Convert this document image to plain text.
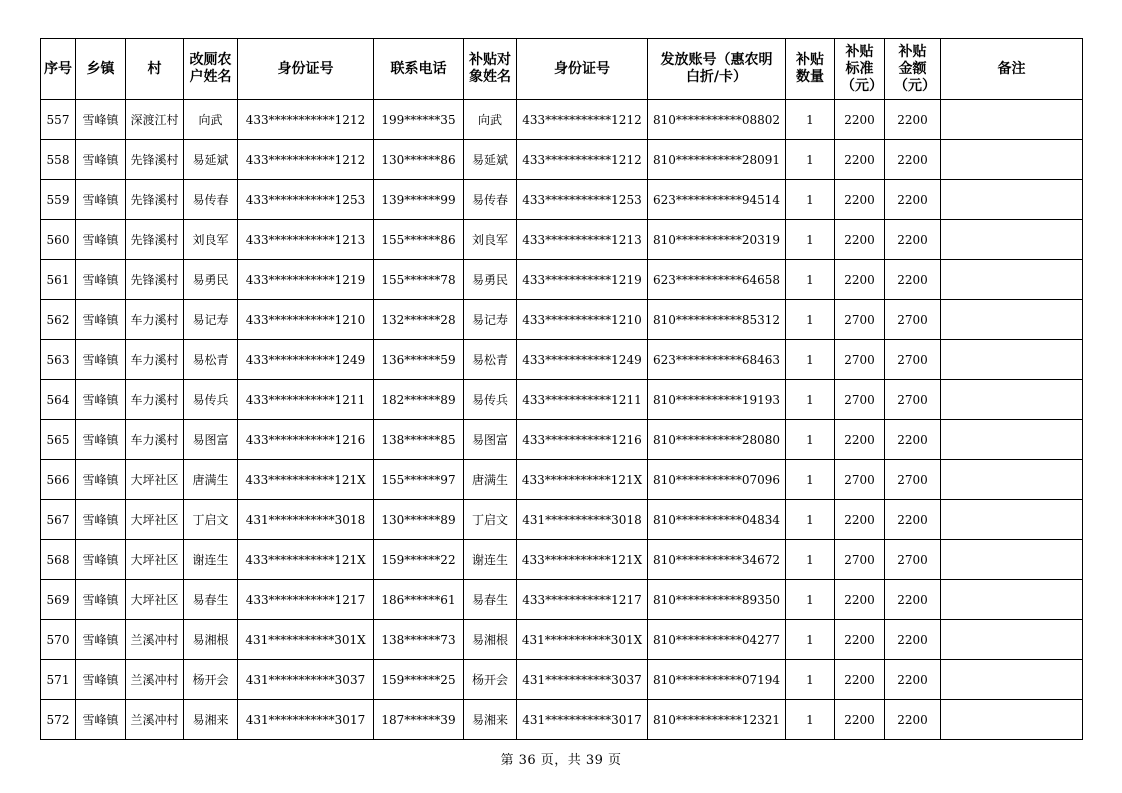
序号	乡镇	村	改厕农户姓名	身份证号	联系电话	补贴对象姓名	身份证号	发放账号（惠农明白折/卡）	补贴数量	补贴标准（元）	补贴金额（元）	备注
557	雪峰镇	深渡江村	向武	433***********1212	199******35	向武	433***********1212	810***********08802	1	2200	2200	
558	雪峰镇	先锋溪村	易延斌	433***********1212	130******86	易延斌	433***********1212	810***********28091	1	2200	2200	
559	雪峰镇	先锋溪村	易传春	433***********1253	139******99	易传春	433***********1253	623***********94514	1	2200	2200	
560	雪峰镇	先锋溪村	刘良军	433***********1213	155******86	刘良军	433***********1213	810***********20319	1	2200	2200	
561	雪峰镇	先锋溪村	易勇民	433***********1219	155******78	易勇民	433***********1219	623***********64658	1	2200	2200	
562	雪峰镇	车力溪村	易记寿	433***********1210	132******28	易记寿	433***********1210	810***********85312	1	2700	2700	
563	雪峰镇	车力溪村	易松青	433***********1249	136******59	易松青	433***********1249	623***********68463	1	2700	2700	
564	雪峰镇	车力溪村	易传兵	433***********1211	182******89	易传兵	433***********1211	810***********19193	1	2700	2700	
565	雪峰镇	车力溪村	易图富	433***********1216	138******85	易图富	433***********1216	810***********28080	1	2200	2200	
566	雪峰镇	大坪社区	唐满生	433***********121X	155******97	唐满生	433***********121X	810***********07096	1	2700	2700	
567	雪峰镇	大坪社区	丁启文	431***********3018	130******89	丁启文	431***********3018	810***********04834	1	2200	2200	
568	雪峰镇	大坪社区	谢连生	433***********121X	159******22	谢连生	433***********121X	810***********34672	1	2700	2700	
569	雪峰镇	大坪社区	易春生	433***********1217	186******61	易春生	433***********1217	810***********89350	1	2200	2200	
570	雪峰镇	兰溪冲村	易湘根	431***********301X	138******73	易湘根	431***********301X	810***********04277	1	2200	2200	
571	雪峰镇	兰溪冲村	杨开会	431***********3037	159******25	杨开会	431***********3037	810***********07194	1	2200	2200	
572	雪峰镇	兰溪冲村	易湘来	431***********3017	187******39	易湘来	431***********3017	810***********12321	1	2200	2200	
第 36 页，共 39 页
